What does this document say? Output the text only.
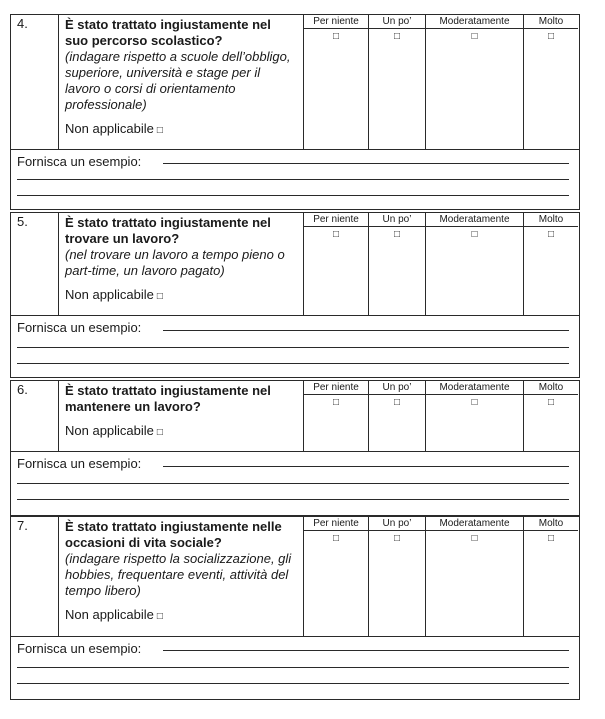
4.	È stato trattato ingiustamente nel suo percorso scolastico?
(indagare rispetto a scuole dell’obbligo, superiore, università e stage per il lavoro o corsi di orientamento professionale)
Non applicabile □
Per niente
□
Un po’
□
Moderatamente
□
Molto
□
Fornisca un esempio:
5.	È stato trattato ingiustamente nel trovare un lavoro?
(nel trovare un lavoro a tempo pieno o part-time, un lavoro pagato)
Non applicabile □
Per niente
□
Un po’
□
Moderatamente
□
Molto
□
Fornisca un esempio:
6.	È stato trattato ingiustamente nel mantenere un lavoro?
Non applicabile □
Per niente
□
Un po’
□
Moderatamente
□
Molto
□
Fornisca un esempio:
7.	È stato trattato ingiustamente nelle occasioni di vita sociale?
(indagare rispetto la socializzazione, gli hobbies, frequentare eventi, attività del tempo libero)
Non applicabile □
Per niente
□
Un po’
□
Moderatamente
□
Molto
□
Fornisca un esempio:
